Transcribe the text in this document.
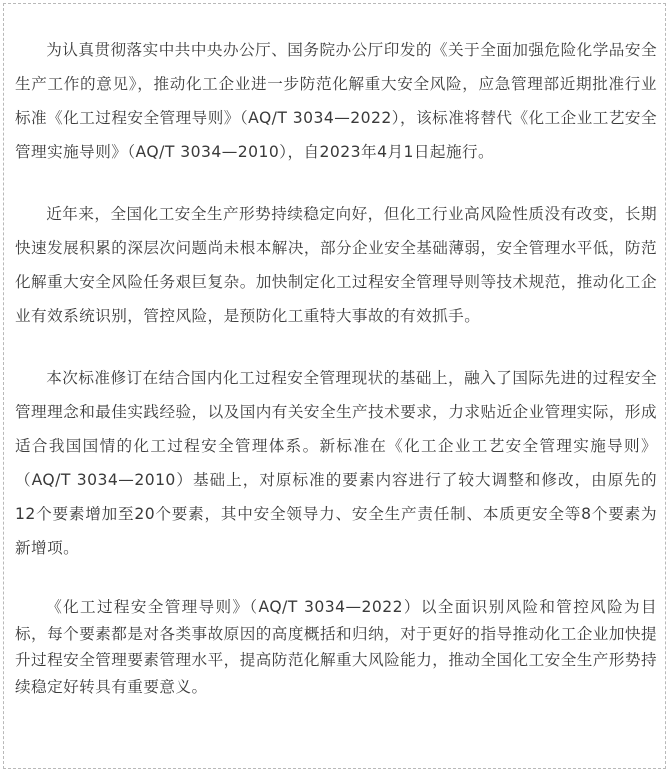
为认真贯彻落实中共中央办公厅、国务院办公厅印发的《关于全面加强危险化学品安全生产工作的意见》，推动化工企业进一步防范化解重大安全风险，应急管理部近期批准行业标准《化工过程安全管理导则》（AQ/T 3034—2022），该标准将替代《化工企业工艺安全管理实施导则》（AQ/T 3034—2010），自2023年4月1日起施行。

近年来，全国化工安全生产形势持续稳定向好，但化工行业高风险性质没有改变，长期快速发展积累的深层次问题尚未根本解决，部分企业安全基础薄弱，安全管理水平低，防范化解重大安全风险任务艰巨复杂。加快制定化工过程安全管理导则等技术规范，推动化工企业有效系统识别，管控风险，是预防化工重特大事故的有效抓手。

本次标准修订在结合国内化工过程安全管理现状的基础上，融入了国际先进的过程安全管理理念和最佳实践经验，以及国内有关安全生产技术要求，力求贴近企业管理实际，形成适合我国国情的化工过程安全管理体系。新标准在《化工企业工艺安全管理实施导则》（AQ/T 3034—2010）基础上，对原标准的要素内容进行了较大调整和修改，由原先的12个要素增加至20个要素，其中安全领导力、安全生产责任制、本质更安全等8个要素为新增项。

《化工过程安全管理导则》（AQ/T 3034—2022）以全面识别风险和管控风险为目标，每个要素都是对各类事故原因的高度概括和归纳，对于更好的指导推动化工企业加快提升过程安全管理要素管理水平，提高防范化解重大风险能力，推动全国化工安全生产形势持续稳定好转具有重要意义。
